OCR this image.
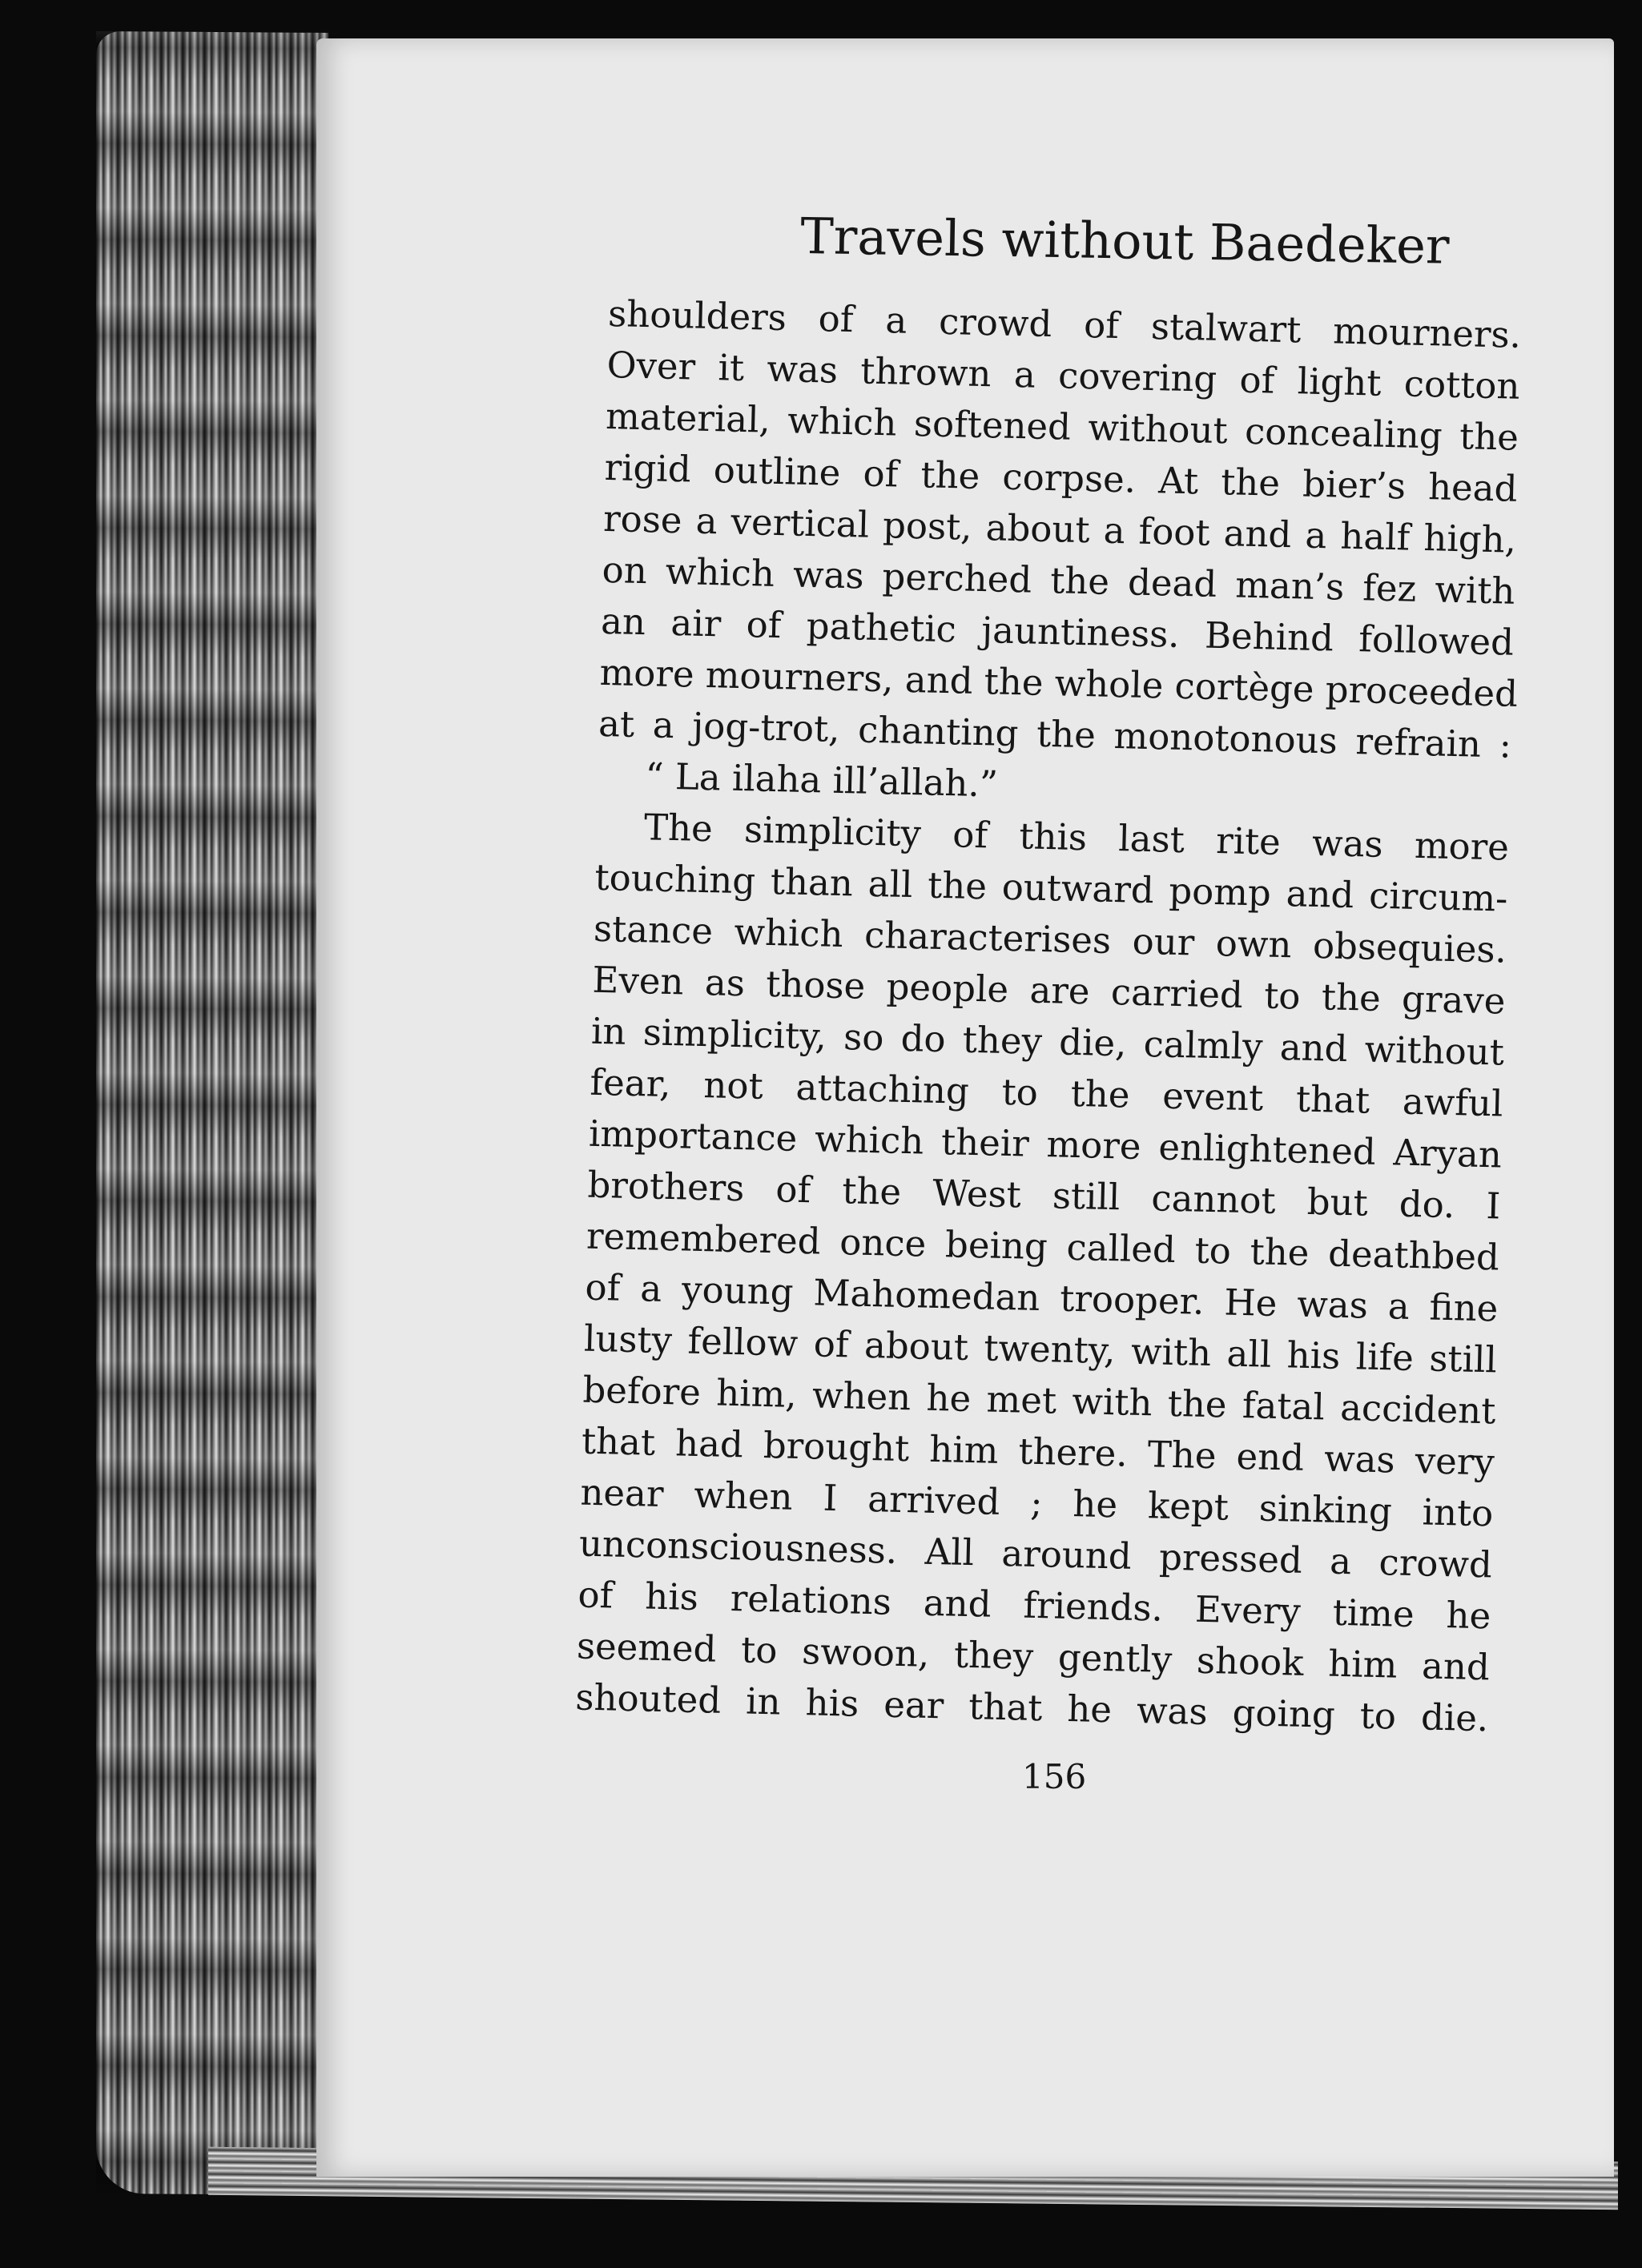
Travels without Baedeker
shoulders of a crowd of stalwart mourners.
Over it was thrown a covering of light cotton
material, which softened without concealing the
rigid outline of the corpse. At the bier’s head
rose a vertical post, about a foot and a half high,
on which was perched the dead man’s fez with
an air of pathetic jauntiness. Behind followed
more mourners, and the whole cortège proceeded
at a jog-trot, chanting the monotonous refrain :
“ La ilaha ill’allah.”
The simplicity of this last rite was more
touching than all the outward pomp and circum-
stance which characterises our own obsequies.
Even as those people are carried to the grave
in simplicity, so do they die, calmly and without
fear, not attaching to the event that awful
importance which their more enlightened Aryan
brothers of the West still cannot but do. I
remembered once being called to the deathbed
of a young Mahomedan trooper. He was a fine
lusty fellow of about twenty, with all his life still
before him, when he met with the fatal accident
that had brought him there. The end was very
near when I arrived ; he kept sinking into
unconsciousness. All around pressed a crowd
of his relations and friends. Every time he
seemed to swoon, they gently shook him and
shouted in his ear that he was going to die.
156
